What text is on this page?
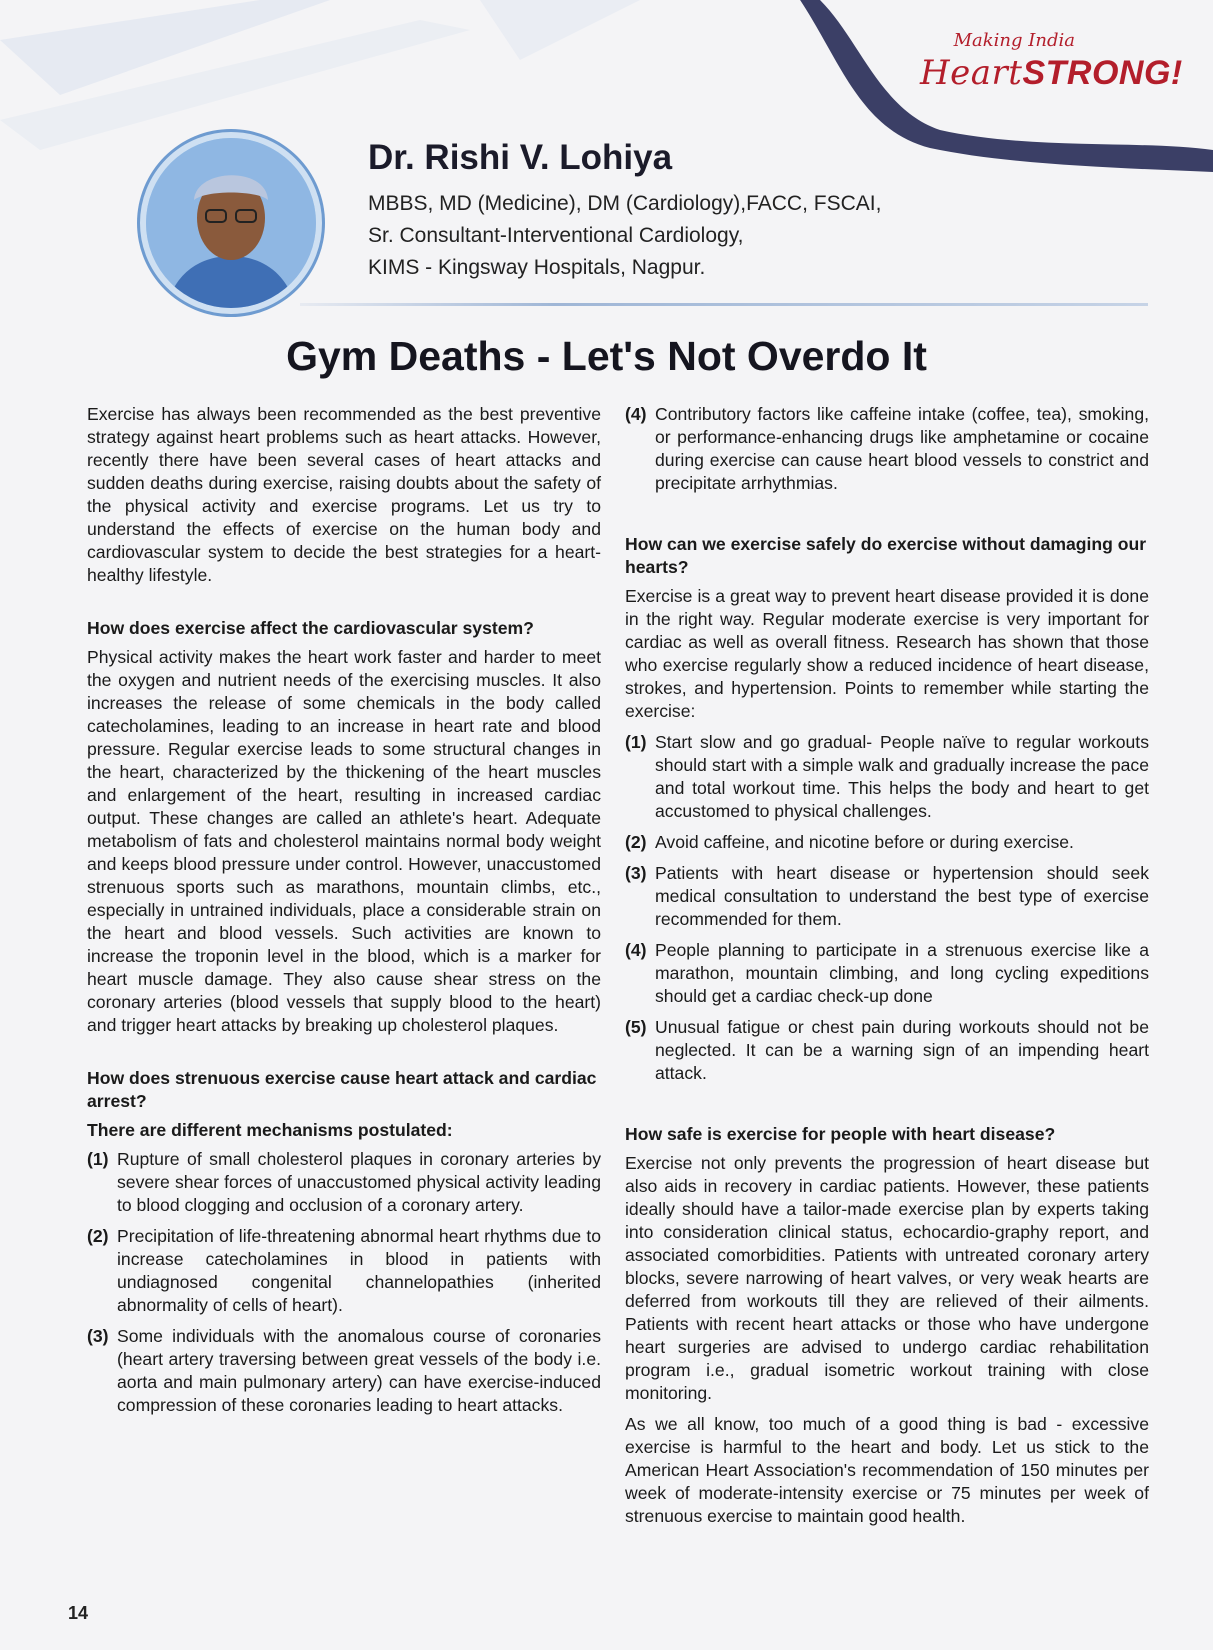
Making India
HeartSTRONG!

Dr. Rishi V. Lohiya

MBBS, MD (Medicine), DM (Cardiology),FACC, FSCAI,

Sr. Consultant-Interventional Cardiology,

KIMS - Kingsway Hospitals, Nagpur.

Gym Deaths - Let's Not Overdo It

Exercise has always been recommended as the best preventive strategy against heart problems such as heart attacks. However, recently there have been several cases of heart attacks and sudden deaths during exercise, raising doubts about the safety of the physical activity and exercise programs. Let us try to understand the effects of exercise on the human body and cardiovascular system to decide the best strategies for a heart-healthy lifestyle.

How does exercise affect the cardiovascular system?

Physical activity makes the heart work faster and harder to meet the oxygen and nutrient needs of the exercising muscles. It also increases the release of some chemicals in the body called catecholamines, leading to an increase in heart rate and blood pressure. Regular exercise leads to some structural changes in the heart, characterized by the thickening of the heart muscles and enlargement of the heart, resulting in increased cardiac output. These changes are called an athlete's heart. Adequate metabolism of fats and cholesterol maintains normal body weight and keeps blood pressure under control. However, unaccustomed strenuous sports such as marathons, mountain climbs, etc., especially in untrained individuals, place a considerable strain on the heart and blood vessels. Such activities are known to increase the troponin level in the blood, which is a marker for heart muscle damage. They also cause shear stress on the coronary arteries (blood vessels that supply blood to the heart) and trigger heart attacks by breaking up cholesterol plaques.

How does strenuous exercise cause heart attack and cardiac arrest?
There are different mechanisms postulated:
(1) Rupture of small cholesterol plaques in coronary arteries by severe shear forces of unaccustomed physical activity leading to blood clogging and occlusion of a coronary artery.

(2) Precipitation of life-threatening abnormal heart rhythms due to increase catecholamines in blood in patients with undiagnosed congenital channelopathies (inherited abnormality of cells of heart).

(3) Some individuals with the anomalous course of coronaries (heart artery traversing between great vessels of the body i.e. aorta and main pulmonary artery) can have exercise-induced compression of these coronaries leading to heart attacks.

(4) Contributory factors like caffeine intake (coffee, tea), smoking, or performance-enhancing drugs like amphetamine or cocaine during exercise can cause heart blood vessels to constrict and precipitate arrhythmias.

How can we exercise safely do exercise without damaging our hearts?

Exercise is a great way to prevent heart disease provided it is done in the right way. Regular moderate exercise is very important for cardiac as well as overall fitness. Research has shown that those who exercise regularly show a reduced incidence of heart disease, strokes, and hypertension. Points to remember while starting the exercise:

(1) Start slow and go gradual- People naïve to regular workouts should start with a simple walk and gradually increase the pace and total workout time. This helps the body and heart to get accustomed to physical challenges.

(2) Avoid caffeine, and nicotine before or during exercise.

(3) Patients with heart disease or hypertension should seek medical consultation to understand the best type of exercise recommended for them.

(4) People planning to participate in a strenuous exercise like a marathon, mountain climbing, and long cycling expeditions should get a cardiac check-up done

(5) Unusual fatigue or chest pain during workouts should not be neglected. It can be a warning sign of an impending heart attack.

How safe is exercise for people with heart disease?

Exercise not only prevents the progression of heart disease but also aids in recovery in cardiac patients. However, these patients ideally should have a tailor-made exercise plan by experts taking into consideration clinical status, echocardio-graphy report, and associated comorbidities. Patients with untreated coronary artery blocks, severe narrowing of heart valves, or very weak hearts are deferred from workouts till they are relieved of their ailments. Patients with recent heart attacks or those who have undergone heart surgeries are advised to undergo cardiac rehabilitation program i.e., gradual isometric workout training with close monitoring.

As we all know, too much of a good thing is bad - excessive exercise is harmful to the heart and body. Let us stick to the American Heart Association's recommendation of 150 minutes per week of moderate-intensity exercise or 75 minutes per week of strenuous exercise to maintain good health.

14
